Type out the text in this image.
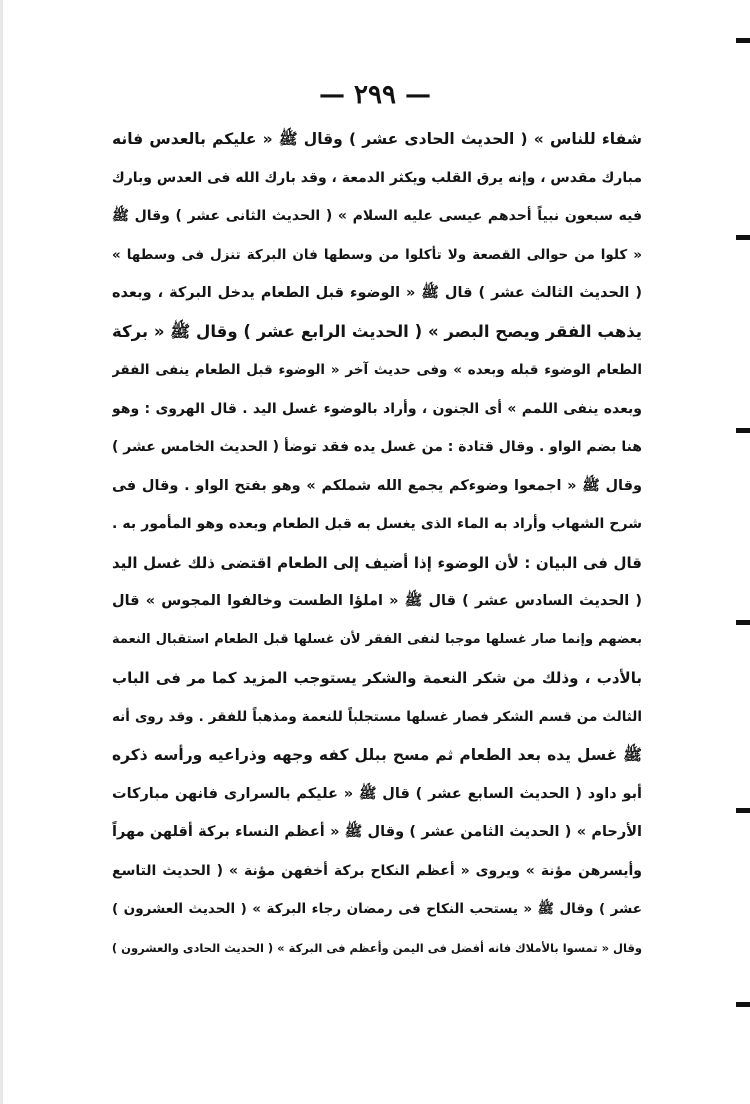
— ٢٩٩ —
شفاء للناس » ( الحديث الحادى عشر ) وقال ﷺ « عليكم بالعدس فانه
مبارك مقدس ، وإنه يرق القلب ويكثر الدمعة ، وقد بارك الله فى العدس وبارك
فيه سبعون نبياً أحدهم عيسى عليه السلام » ( الحديث الثانى عشر ) وقال ﷺ
« كلوا من حوالى القصعة ولا تأكلوا من وسطها فان البركة تنزل فى وسطها »
( الحديث الثالث عشر ) قال ﷺ « الوضوء قبل الطعام يدخل البركة ، وبعده
يذهب الفقر ويصح البصر » ( الحديث الرابع عشر ) وقال ﷺ « بركة
الطعام الوضوء قبله وبعده » وفى حديث آخر « الوضوء قبل الطعام ينفى الفقر
وبعده ينفى اللمم » أى الجنون ، وأراد بالوضوء غسل اليد . قال الهروى : وهو
هنا بضم الواو . وقال قتادة : من غسل يده فقد توضأ ( الحديث الخامس عشر )
وقال ﷺ « اجمعوا وضوءكم يجمع الله شملكم » وهو بفتح الواو . وقال فى
شرح الشهاب وأراد به الماء الذى يغسل به قبل الطعام وبعده وهو المأمور به .
قال فى البيان : لأن الوضوء إذا أضيف إلى الطعام اقتضى ذلك غسل اليد
( الحديث السادس عشر ) قال ﷺ « املؤا الطست وخالفوا المجوس » قال
بعضهم وإنما صار غسلها موجبا لنفى الفقر لأن غسلها قبل الطعام استقبال النعمة
بالأدب ، وذلك من شكر النعمة والشكر يستوجب المزيد كما مر فى الباب
الثالث من قسم الشكر فصار غسلها مستجلباً للنعمة ومذهباً للفقر . وقد روى أنه
ﷺ غسل يده بعد الطعام ثم مسح ببلل كفه وجهه وذراعيه ورأسه ذكره
أبو داود ( الحديث السابع عشر ) قال ﷺ « عليكم بالسرارى فانهن مباركات
الأرحام » ( الحديث الثامن عشر ) وقال ﷺ « أعظم النساء بركة أقلهن مهراً
وأيسرهن مؤنة » ويروى « أعظم النكاح بركة أخفهن مؤنة » ( الحديث التاسع
عشر ) وقال ﷺ « يستحب النكاح فى رمضان رجاء البركة » ( الحديث العشرون )
وقال « تمسوا بالأملاك فانه أفضل فى اليمن وأعظم فى البركة » ( الحديث الحادى والعشرون )
